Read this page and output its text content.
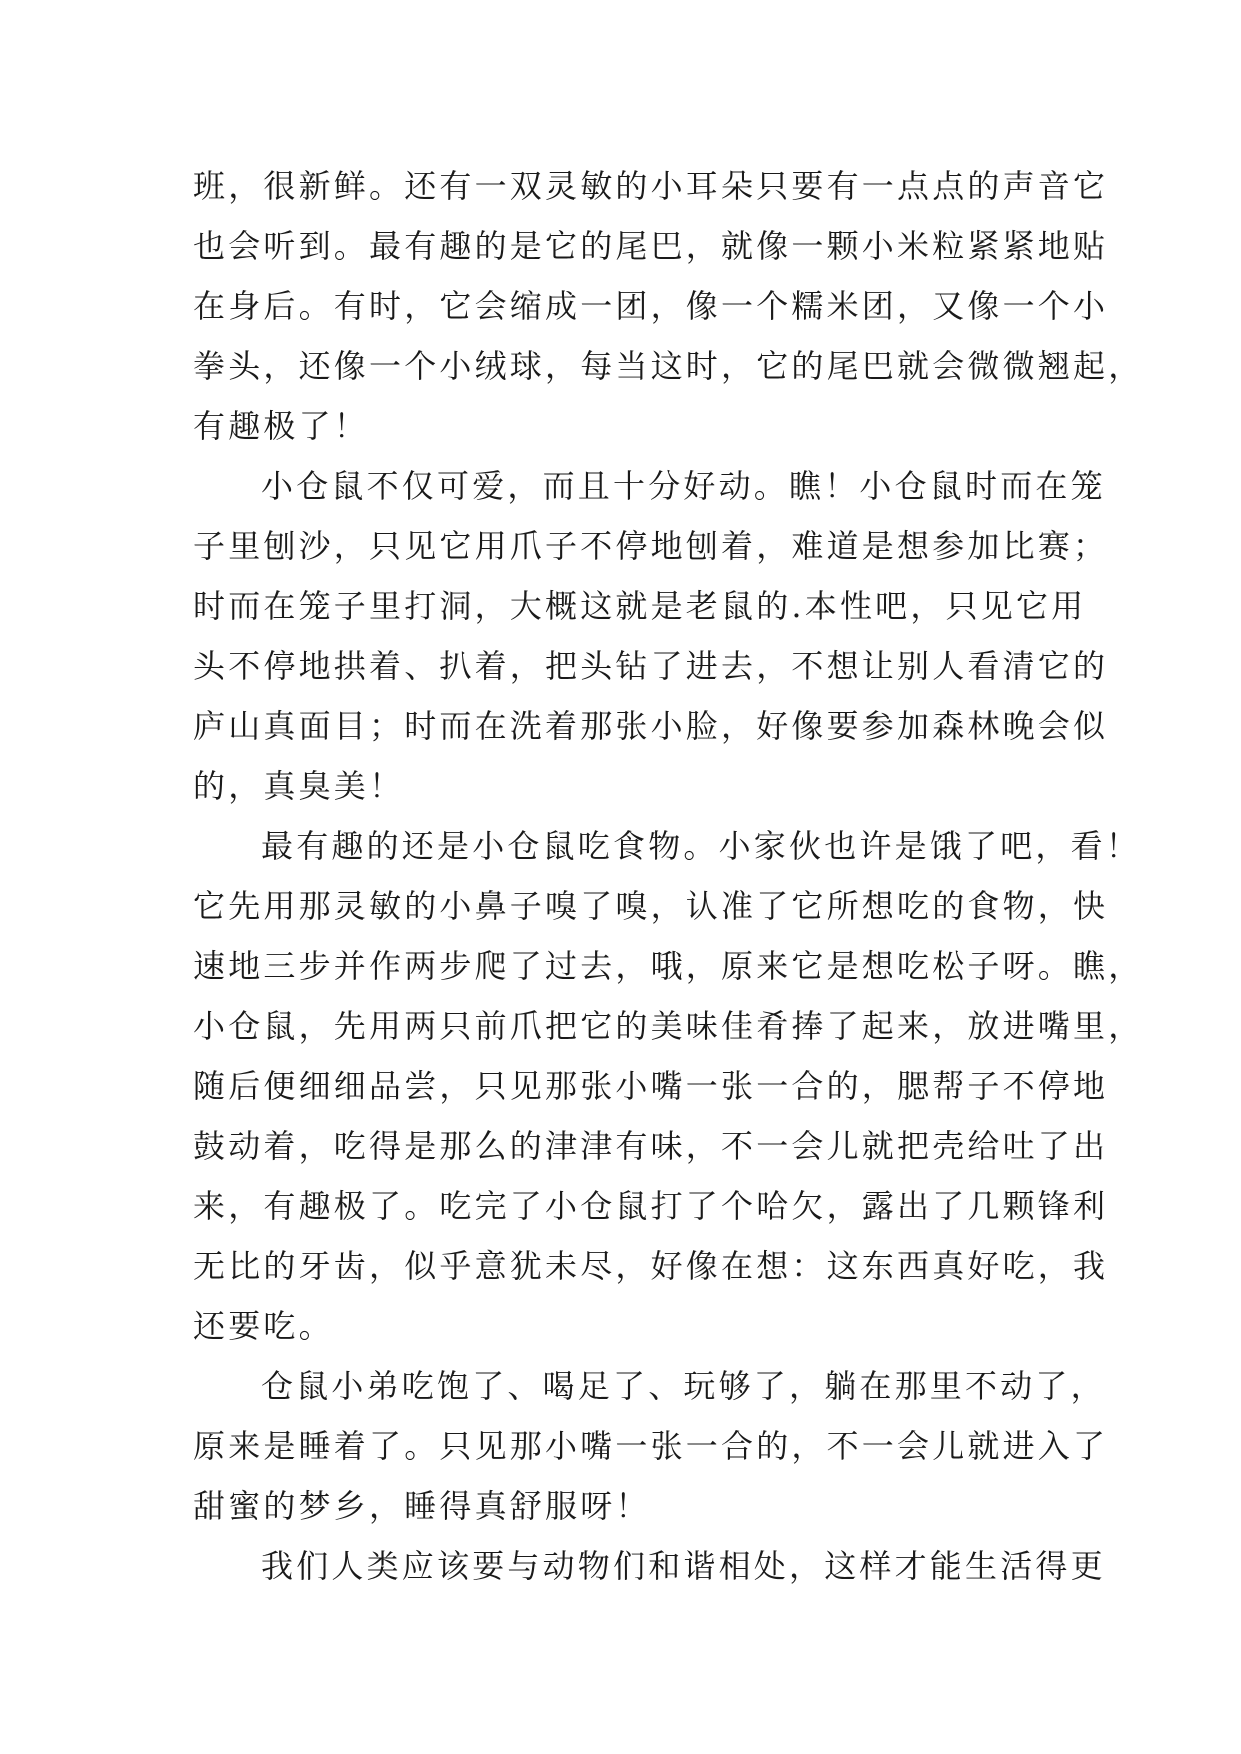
班，很新鲜。还有一双灵敏的小耳朵只要有一点点的声音它
也会听到。最有趣的是它的尾巴，就像一颗小米粒紧紧地贴
在身后。有时，它会缩成一团，像一个糯米团，又像一个小
拳头，还像一个小绒球，每当这时，它的尾巴就会微微翘起，
有趣极了！
小仓鼠不仅可爱，而且十分好动。瞧！小仓鼠时而在笼
子里刨沙，只见它用爪子不停地刨着，难道是想参加比赛；
时而在笼子里打洞，大概这就是老鼠的.本性吧，只见它用
头不停地拱着、扒着，把头钻了进去，不想让别人看清它的
庐山真面目；时而在洗着那张小脸，好像要参加森林晚会似
的，真臭美！
最有趣的还是小仓鼠吃食物。小家伙也许是饿了吧，看！
它先用那灵敏的小鼻子嗅了嗅，认准了它所想吃的食物，快
速地三步并作两步爬了过去，哦，原来它是想吃松子呀。瞧，
小仓鼠，先用两只前爪把它的美味佳肴捧了起来，放进嘴里，
随后便细细品尝，只见那张小嘴一张一合的，腮帮子不停地
鼓动着，吃得是那么的津津有味，不一会儿就把壳给吐了出
来，有趣极了。吃完了小仓鼠打了个哈欠，露出了几颗锋利
无比的牙齿，似乎意犹未尽，好像在想：这东西真好吃，我
还要吃。
仓鼠小弟吃饱了、喝足了、玩够了，躺在那里不动了，
原来是睡着了。只见那小嘴一张一合的，不一会儿就进入了
甜蜜的梦乡，睡得真舒服呀！
我们人类应该要与动物们和谐相处，这样才能生活得更
